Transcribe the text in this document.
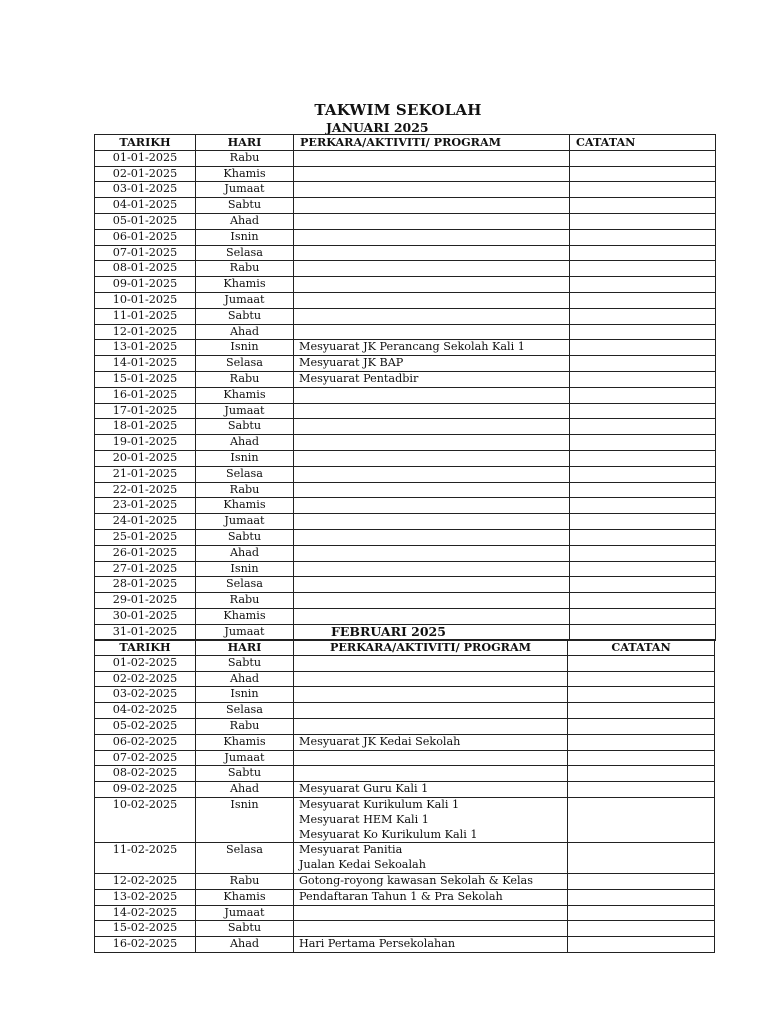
TAKWIM SEKOLAH
JANUARI 2025
TARIKH	HARI	PERKARA/AKTIVITI/ PROGRAM	CATATAN
01-01-2025	Rabu		
02-01-2025	Khamis		
03-01-2025	Jumaat		
04-01-2025	Sabtu		
05-01-2025	Ahad		
06-01-2025	Isnin		
07-01-2025	Selasa		
08-01-2025	Rabu		
09-01-2025	Khamis		
10-01-2025	Jumaat		
11-01-2025	Sabtu		
12-01-2025	Ahad		
13-01-2025	Isnin	Mesyuarat JK Perancang Sekolah Kali 1	

14-01-2025	Selasa	Mesyuarat JK BAP	

15-01-2025	Rabu	Mesyuarat Pentadbir	

16-01-2025	Khamis		
17-01-2025	Jumaat		
18-01-2025	Sabtu		
19-01-2025	Ahad		
20-01-2025	Isnin		
21-01-2025	Selasa		
22-01-2025	Rabu		
23-01-2025	Khamis		
24-01-2025	Jumaat		
25-01-2025	Sabtu		
26-01-2025	Ahad		
27-01-2025	Isnin		
28-01-2025	Selasa		
29-01-2025	Rabu		
30-01-2025	Khamis		
31-01-2025	Jumaat			FEBRUARI 2025
TARIKH	HARI	PERKARA/AKTIVITI/ PROGRAM	CATATAN
01-02-2025	Sabtu		
02-02-2025	Ahad		
03-02-2025	Isnin		
04-02-2025	Selasa		
05-02-2025	Rabu		
06-02-2025	Khamis	Mesyuarat JK Kedai Sekolah	

07-02-2025	Jumaat		
08-02-2025	Sabtu		
09-02-2025	Ahad	Mesyuarat Guru Kali 1	

10-02-2025	Isnin	Mesyuarat Kurikulum Kali 1
Mesyuarat HEM Kali 1
Mesyuarat Ko Kurikulum Kali 1	

11-02-2025	Selasa	Mesyuarat Panitia
Jualan Kedai Sekoalah	

12-02-2025	Rabu	Gotong-royong kawasan Sekolah & Kelas	

13-02-2025	Khamis	Pendaftaran Tahun 1 & Pra Sekolah	

14-02-2025	Jumaat		
15-02-2025	Sabtu		
16-02-2025	Ahad	Hari Pertama Persekolahan	
